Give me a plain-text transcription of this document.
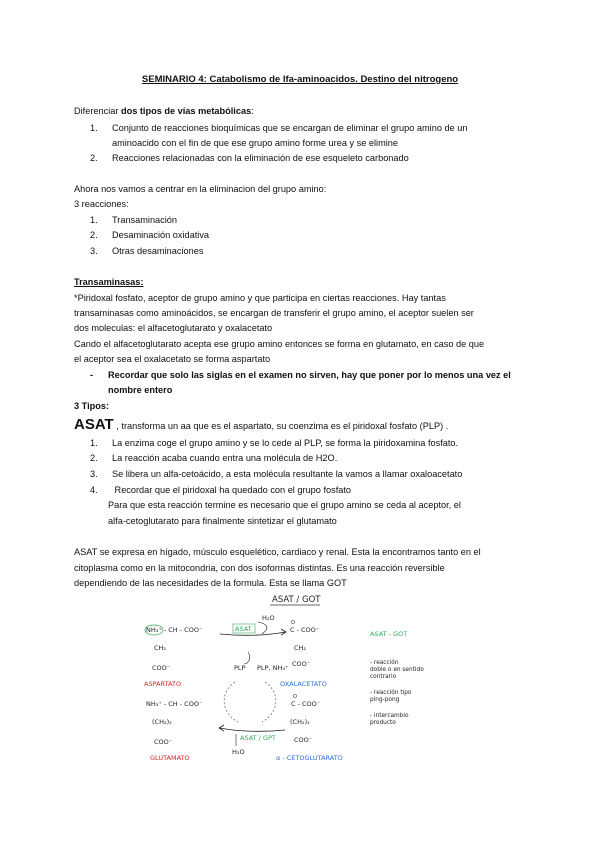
SEMINARIO 4: Catabolismo de lfa-aminoacidos. Destino del nitrogeno
Diferenciar dos tipos de vías metabólicas:
1. Conjunto de reacciones bioquímicas que se encargan de eliminar el grupo amino de un
aminoacido con el fin de que ese grupo amino forme urea y se elimine
2. Reacciones relacionadas con la eliminación de ese esqueleto carbonado
Ahora nos vamos a centrar en la eliminacion del grupo amino:
3 reacciones:
1. Transaminación
2. Desaminación oxidativa
3. Otras desaminaciones
Transaminasas:
*Piridoxal fosfato, aceptor de grupo amino y que participa en ciertas reacciones. Hay tantas
transaminasas como aminoácidos, se encargan de transferir el grupo amino, el aceptor suelen ser
dos moleculas: el alfacetoglutarato y oxalacetato
Cando el alfacetoglutarato acepta ese grupo amino entonces se forma en glutamato, en caso de que
el aceptor sea el oxalacetato se forma aspartato
- Recordar que solo las siglas en el examen no sirven, hay que poner por lo menos una vez el
nombre entero
3 Tipos:
ASAT , transforma un aa que es el aspartato, su coenzima es el piridoxal fosfato (PLP) .
1. La enzima coge el grupo amino y se lo cede al PLP, se forma la piridoxamina fosfato.
2. La reacción acaba cuando entra una molécula de H2O.
3. Se libera un alfa-cetoácido, a esta molécula resultante la vamos a llamar oxaloacetato
4. Recordar que el piridoxal ha quedado con el grupo fosfato
Para que esta reacción termine es necesario que el grupo amino se ceda al aceptor, el
alfa-cetoglutarato para finalmente sintetizar el glutamato
ASAT se expresa en hígado, músculo esquelético, cardiaco y renal. Esta la encontramos tanto en el
citoplasma como en la mitocondria, con dos isoformas distintas. Es una reacción reversible
dependiendo de las necesidades de la formula. Esta se llama GOT
ASAT / GOT
NH₃⁺ - CH - COO⁻
CH₂
COO⁻
ASPARTATO
H₂O
ASAT
PLP PLP, NH₃⁺
C - COO⁻
O
CH₂
COO⁻
OXALACETATO
ASAT - GOT
NH₃⁺ - CH - COO⁻
(CH₂)₂
COO⁻
GLUTAMATO
ASAT / GPT
H₂O
C - COO⁻
O
(CH₂)₂
COO⁻
α - CETOGLUTARATO
- reacción
doble o en sentido
contrario
- reacción tipo
ping-pong
- intercambio
producto
